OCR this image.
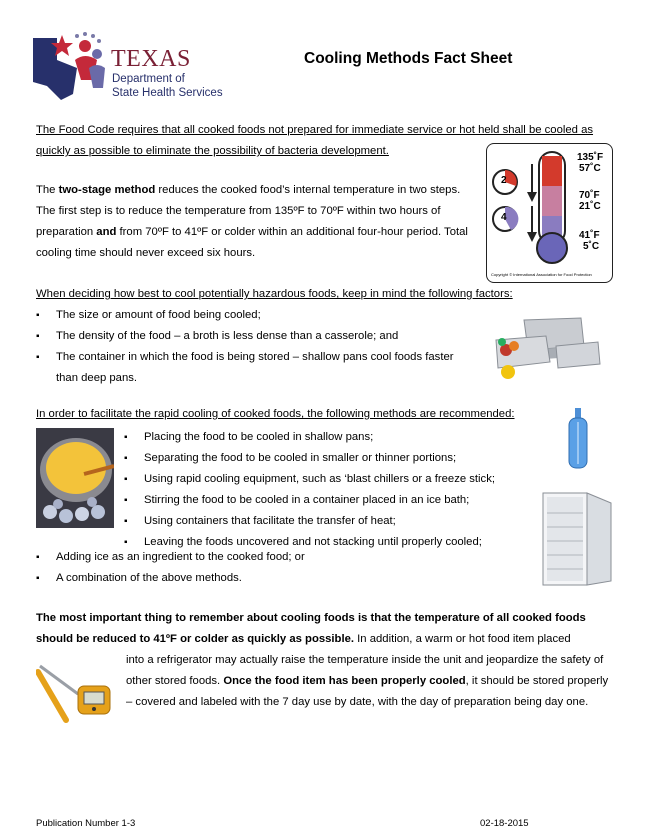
TEXAS
Department of
State Health Services
Cooling Methods Fact Sheet
The Food Code requires that all cooked foods not prepared for immediate service or hot held shall be cooled as quickly as possible to eliminate the possibility of bacteria development.
The two-stage method reduces the cooked food’s internal temperature in two steps. The first step is to reduce the temperature from 135ºF to 70ºF within two hours of preparation and from 70ºF to 41ºF or colder within an additional four-hour period. Total cooling time should never exceed six hours.
2
4
135˚F
57˚C
70˚F
21˚C
41˚F
5˚C
Copyright © International Association for Food Protection
When deciding how best to cool potentially hazardous foods, keep in mind the following factors:
▪ The size or amount of food being cooled;
▪ The density of the food – a broth is less dense than a casserole; and
▪ The container in which the food is being stored – shallow pans cool foods faster than deep pans.
In order to facilitate the rapid cooling of cooked foods, the following methods are recommended:
▪ Placing the food to be cooled in shallow pans;
▪ Separating the food to be cooled in smaller or thinner portions;
▪ Using rapid cooling equipment, such as ‘blast chillers or a freeze stick;
▪ Stirring the food to be cooled in a container placed in an ice bath;
▪ Using containers that facilitate the transfer of heat;
▪ Leaving the foods uncovered and not stacking until properly cooled;
▪ Adding ice as an ingredient to the cooked food; or
▪ A combination of the above methods.
The most important thing to remember about cooling foods is that the temperature of all cooked foods should be reduced to 41ºF or colder as quickly as possible. In addition, a warm or hot food item placed
into a refrigerator may actually raise the temperature inside the unit and jeopardize the safety of other stored foods. Once the food item has been properly cooled, it should be stored properly – covered and labeled with the 7 day use by date, with the day of preparation being day one.
Publication Number 1-3	02-18-2015
